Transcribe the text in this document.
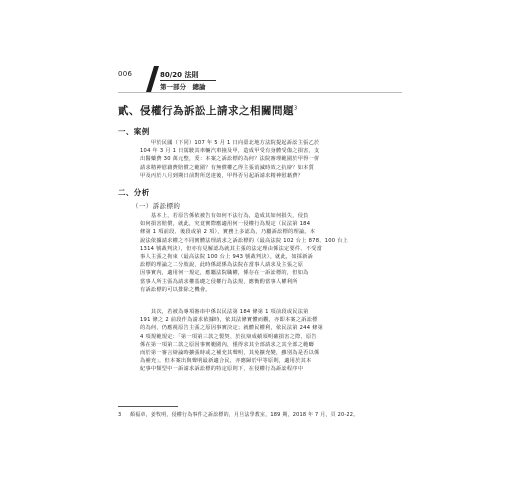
006	80/20 法則
第一部分　總論
貳、侵權行為訴訟上請求之相關問題$^3$
一、案例
　　甲於民國（下同）107 年 5 月 1 日向臺北地方法院提起訴訟主張乙於
104 年 3 月 1 日駕駛其車輛汽車撞及甲，造成甲受有身體受傷之損害，支
出醫藥費 30 萬元整，爰：本案之訴訟標的為何？法院審理範圍於甲得一併
請求精神慰藉費賠償之範圍？有無償權乙得主張消滅時效之抗辯？如本質
甲及丙於八月到期日前對所送達後，甲得否另起訴請求精神慰藉費？
二、分析
（一）訴訟標的
　　基本上，若原告係依被告有如何不法行為，造成其如何損失，侵負
如何損害賠償，就此，究竟實際應適用何一侵權行為規定（民法第 184
條第 1 項前段、後段或第 2 項），實務上多認為，乃屬訴訟標的理論。本
說法依據請求權之不同實體法理請求之訴訟標的（最高法院 102 台上 878、100 台上
1314 號裁判決），但亦有見解認為就其主張的法定理由係法定要件、不受當
事人主張之拘束（最高法院 100 台上 943 號裁判決）。就此，如採新訴
訟標的理論之二分肢說，此時係認係為法院在當事人請求及主張之原
因事實內，適用何一規定，應屬法院職權，係存在一訴訟標的，但如為
當事人所主張為請求權基礎之侵權行為法規，應衡酌當事人權利所
有訴訟標的可以排除之機會。
　　其次，若被為專項審串中係以民法第 184 條第 1 項前段或民法第
191 條之 2 前段作為請求依據時，依其法條實體而觀，亦即本案之訴訟標
的為何，仍應視原告主張之原因事實決定；就體民權利，依民法第 244 條第
4 項規範規定：「第一項第三款之製契、於抗辯成績須明確損害之際，原告
係在第一項第二款之原因事實範圍內，僅得求其全部請求之其全部之範疇
而於第一審言辯論時擴張時或之補充其聲明，其免擴充變，雖別為是否以係
為補充」，但本案出與聲明最新適合民，亦應歸於甲等原則，適用於其本
紀事中類型中一訴請求訴訟標的特定原則下，在侵權行為訴訟程序中
3 顏福章，姜牧明，侵權行為事件之訴訟標的，月旦法學教室，189 期，2018 年 7 月，頁 20-22。
